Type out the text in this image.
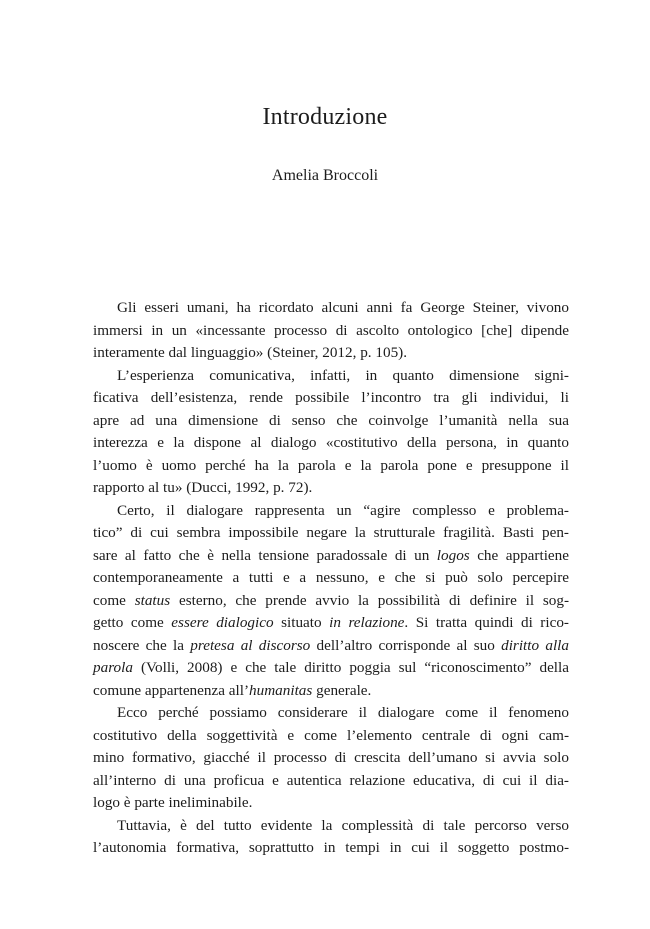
Introduzione
Amelia Broccoli
Gli esseri umani, ha ricordato alcuni anni fa George Steiner, vivono
immersi in un «incessante processo di ascolto ontologico [che] dipende
interamente dal linguaggio» (Steiner, 2012, p. 105).
L’esperienza comunicativa, infatti, in quanto dimensione signi-
ficativa dell’esistenza, rende possibile l’incontro tra gli individui, li
apre ad una dimensione di senso che coinvolge l’umanità nella sua
interezza e la dispone al dialogo «costitutivo della persona, in quanto
l’uomo è uomo perché ha la parola e la parola pone e presuppone il
rapporto al tu» (Ducci, 1992, p. 72).
Certo, il dialogare rappresenta un “agire complesso e problema-
tico” di cui sembra impossibile negare la strutturale fragilità. Basti pen-
sare al fatto che è nella tensione paradossale di un logos che appartiene
contemporaneamente a tutti e a nessuno, e che si può solo percepire
come status esterno, che prende avvio la possibilità di definire il sog-
getto come essere dialogico situato in relazione. Si tratta quindi di rico-
noscere che la pretesa al discorso dell’altro corrisponde al suo diritto alla
parola (Volli, 2008) e che tale diritto poggia sul “riconoscimento” della
comune appartenenza all’humanitas generale.
Ecco perché possiamo considerare il dialogare come il fenomeno
costitutivo della soggettività e come l’elemento centrale di ogni cam-
mino formativo, giacché il processo di crescita dell’umano si avvia solo
all’interno di una proficua e autentica relazione educativa, di cui il dia-
logo è parte ineliminabile.
Tuttavia, è del tutto evidente la complessità di tale percorso verso
l’autonomia formativa, soprattutto in tempi in cui il soggetto postmo-
